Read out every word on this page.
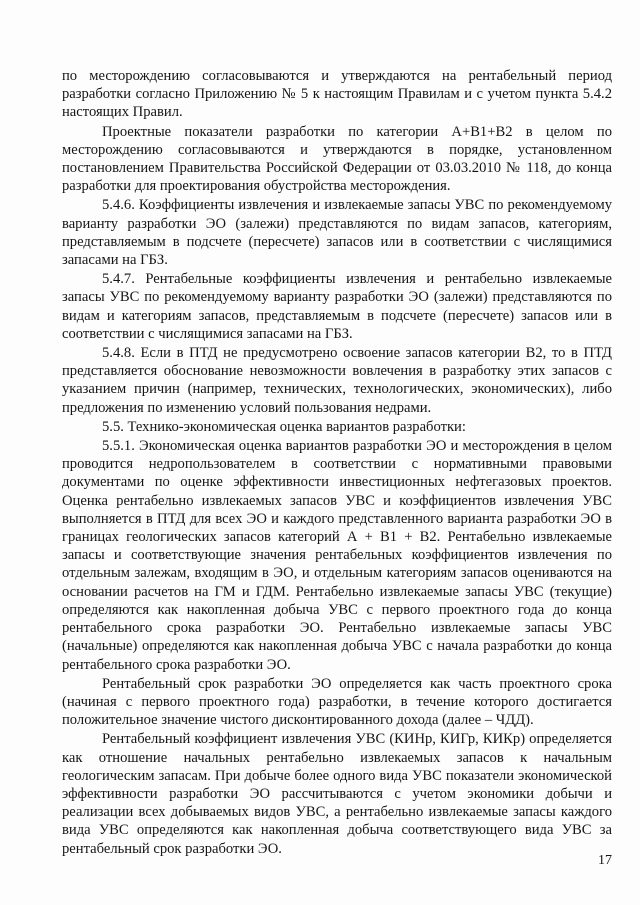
по месторождению согласовываются и утверждаются на рентабельный период разработки согласно Приложению № 5 к настоящим Правилам и с учетом пункта 5.4.2 настоящих Правил.

Проектные показатели разработки по категории А+В1+В2 в целом по месторождению согласовываются и утверждаются в порядке, установленном постановлением Правительства Российской Федерации от 03.03.2010 № 118, до конца разработки для проектирования обустройства месторождения.

5.4.6. Коэффициенты извлечения и извлекаемые запасы УВС по рекомендуемому варианту разработки ЭО (залежи) представляются по видам запасов, категориям, представляемым в подсчете (пересчете) запасов или в соответствии с числящимися запасами на ГБЗ.

5.4.7. Рентабельные коэффициенты извлечения и рентабельно извлекаемые запасы УВС по рекомендуемому варианту разработки ЭО (залежи) представляются по видам и категориям запасов, представляемым в подсчете (пересчете) запасов или в соответствии с числящимися запасами на ГБЗ.

5.4.8. Если в ПТД не предусмотрено освоение запасов категории В2, то в ПТД представляется обоснование невозможности вовлечения в разработку этих запасов с указанием причин (например, технических, технологических, экономических), либо предложения по изменению условий пользования недрами.

5.5. Технико-экономическая оценка вариантов разработки:

5.5.1. Экономическая оценка вариантов разработки ЭО и месторождения в целом проводится недропользователем в соответствии с нормативными правовыми документами по оценке эффективности инвестиционных нефтегазовых проектов. Оценка рентабельно извлекаемых запасов УВС и коэффициентов извлечения УВС выполняется в ПТД для всех ЭО и каждого представленного варианта разработки ЭО в границах геологических запасов категорий А + В1 + В2. Рентабельно извлекаемые запасы и соответствующие значения рентабельных коэффициентов извлечения по отдельным залежам, входящим в ЭО, и отдельным категориям запасов оцениваются на основании расчетов на ГМ и ГДМ. Рентабельно извлекаемые запасы УВС (текущие) определяются как накопленная добыча УВС с первого проектного года до конца рентабельного срока разработки ЭО. Рентабельно извлекаемые запасы УВС (начальные) определяются как накопленная добыча УВС с начала разработки до конца рентабельного срока разработки ЭО.

Рентабельный срок разработки ЭО определяется как часть проектного срока (начиная с первого проектного года) разработки, в течение которого достигается положительное значение чистого дисконтированного дохода (далее – ЧДД).

Рентабельный коэффициент извлечения УВС (КИНр, КИГр, КИКр) определяется как отношение начальных рентабельно извлекаемых запасов к начальным геологическим запасам. При добыче более одного вида УВС показатели экономической эффективности разработки ЭО рассчитываются с учетом экономики добычи и реализации всех добываемых видов УВС, а рентабельно извлекаемые запасы каждого вида УВС определяются как накопленная добыча соответствующего вида УВС за рентабельный срок разработки ЭО.

17
